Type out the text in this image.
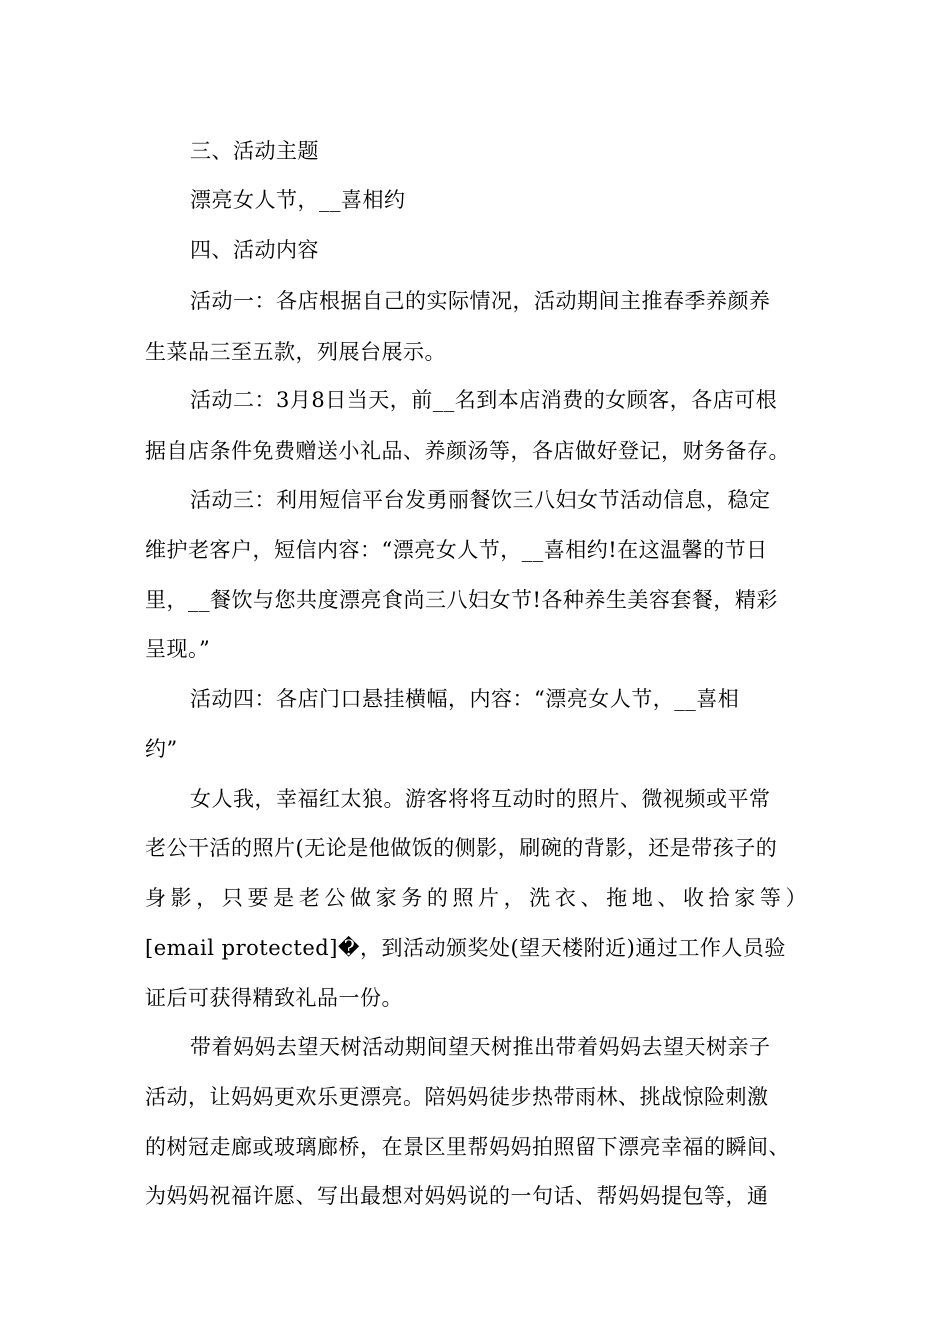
三、活动主题
漂亮女人节，__喜相约
四、活动内容
活动一：各店根据自己的实际情况，活动期间主推春季养颜养
生菜品三至五款，列展台展示。
活动二：3月8日当天，前__名到本店消费的女顾客，各店可根
据自店条件免费赠送小礼品、养颜汤等，各店做好登记，财务备存。
活动三：利用短信平台发勇丽餐饮三八妇女节活动信息，稳定
维护老客户，短信内容：“漂亮女人节，__喜相约!在这温馨的节日
里，__餐饮与您共度漂亮食尚三八妇女节!各种养生美容套餐，精彩
呈现。”
活动四：各店门口悬挂横幅，内容：“漂亮女人节，__喜相
约”
女人我，幸福红太狼。游客将将互动时的照片、微视频或平常
老公干活的照片(无论是他做饭的侧影，刷碗的背影，还是带孩子的
身影，只要是老公做家务的照片，洗衣、拖地、收拾家等）
[email protected]�，到活动颁奖处(望天楼附近)通过工作人员验
证后可获得精致礼品一份。
带着妈妈去望天树活动期间望天树推出带着妈妈去望天树亲子
活动，让妈妈更欢乐更漂亮。陪妈妈徒步热带雨林、挑战惊险刺激
的树冠走廊或玻璃廊桥，在景区里帮妈妈拍照留下漂亮幸福的瞬间、
为妈妈祝福许愿、写出最想对妈妈说的一句话、帮妈妈提包等，通
